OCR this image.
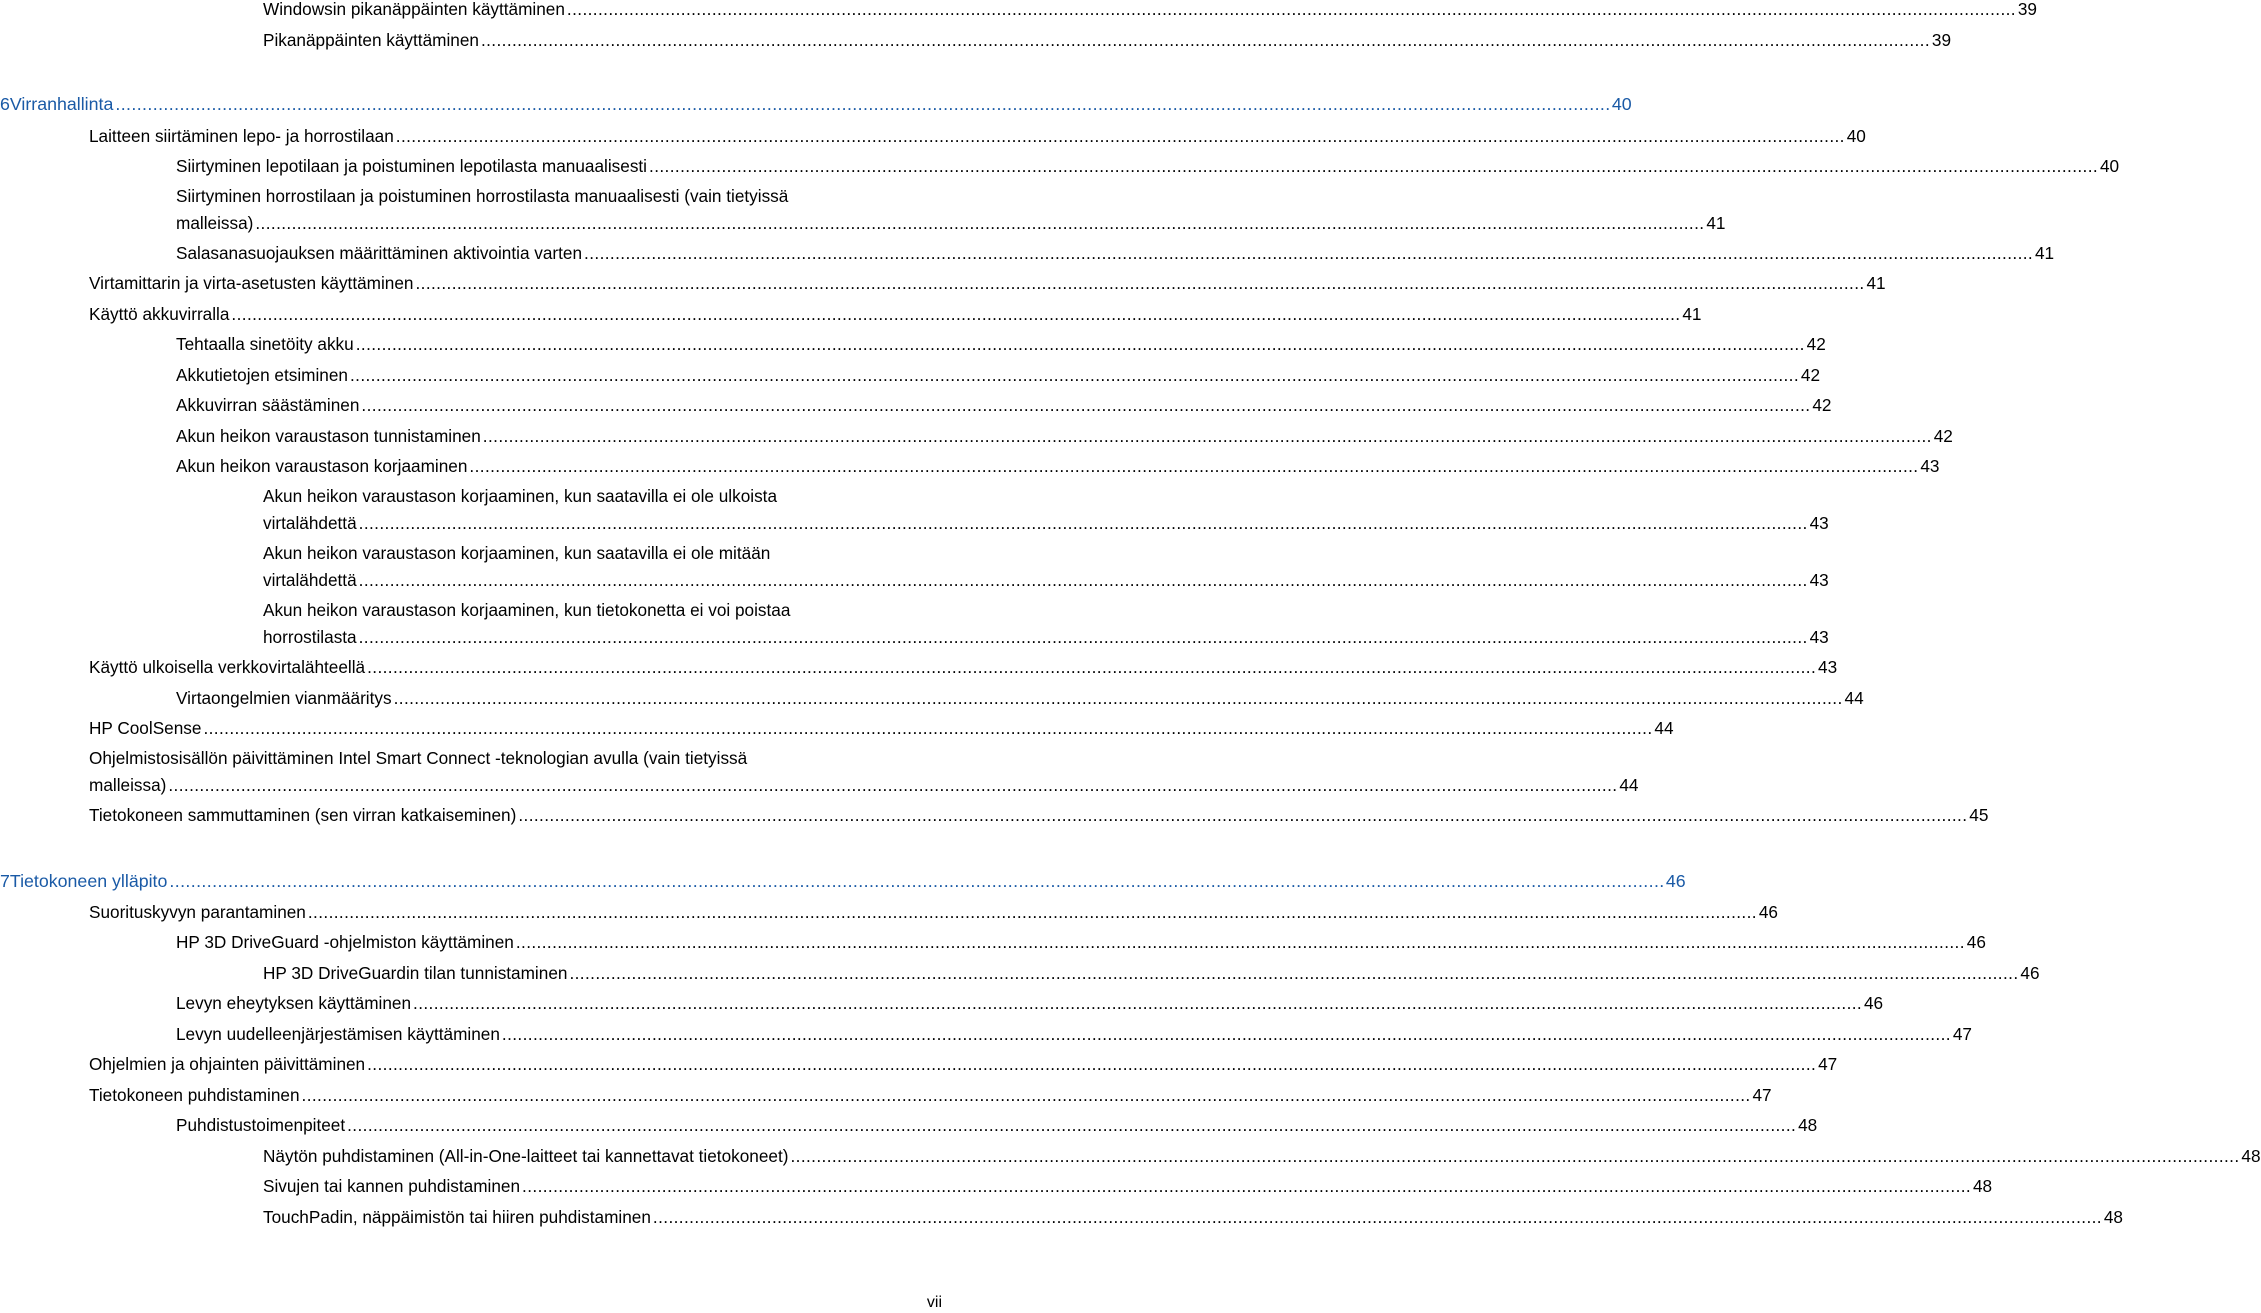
Windowsin pikanäppäinten käyttäminen ........................................................................................................................................................................................................................................................................................ 39
Pikanäppäinten käyttäminen ........................................................................................................................................................................................................................................................................................ 39
6 Virranhallinta ........................................................................................................................................................................................................................................................................................ 40
Laitteen siirtäminen lepo- ja horrostilaan ........................................................................................................................................................................................................................................................................................ 40
Siirtyminen lepotilaan ja poistuminen lepotilasta manuaalisesti ........................................................................................................................................................................................................................................................................................ 40
Siirtyminen horrostilaan ja poistuminen horrostilasta manuaalisesti (vain tietyissä
malleissa) ........................................................................................................................................................................................................................................................................................ 41
Salasanasuojauksen määrittäminen aktivointia varten ........................................................................................................................................................................................................................................................................................ 41
Virtamittarin ja virta-asetusten käyttäminen ........................................................................................................................................................................................................................................................................................ 41
Käyttö akkuvirralla ........................................................................................................................................................................................................................................................................................ 41
Tehtaalla sinetöity akku ........................................................................................................................................................................................................................................................................................ 42
Akkutietojen etsiminen ........................................................................................................................................................................................................................................................................................ 42
Akkuvirran säästäminen ........................................................................................................................................................................................................................................................................................ 42
Akun heikon varaustason tunnistaminen ........................................................................................................................................................................................................................................................................................ 42
Akun heikon varaustason korjaaminen ........................................................................................................................................................................................................................................................................................ 43
Akun heikon varaustason korjaaminen, kun saatavilla ei ole ulkoista
virtalähdettä ........................................................................................................................................................................................................................................................................................ 43
Akun heikon varaustason korjaaminen, kun saatavilla ei ole mitään
virtalähdettä ........................................................................................................................................................................................................................................................................................ 43
Akun heikon varaustason korjaaminen, kun tietokonetta ei voi poistaa
horrostilasta ........................................................................................................................................................................................................................................................................................ 43
Käyttö ulkoisella verkkovirtalähteellä ........................................................................................................................................................................................................................................................................................ 43
Virtaongelmien vianmääritys ........................................................................................................................................................................................................................................................................................ 44
HP CoolSense ........................................................................................................................................................................................................................................................................................ 44
Ohjelmistosisällön päivittäminen Intel Smart Connect -teknologian avulla (vain tietyissä
malleissa) ........................................................................................................................................................................................................................................................................................ 44
Tietokoneen sammuttaminen (sen virran katkaiseminen) ........................................................................................................................................................................................................................................................................................ 45
7 Tietokoneen ylläpito ........................................................................................................................................................................................................................................................................................ 46
Suorituskyvyn parantaminen ........................................................................................................................................................................................................................................................................................ 46
HP 3D DriveGuard -ohjelmiston käyttäminen ........................................................................................................................................................................................................................................................................................ 46
HP 3D DriveGuardin tilan tunnistaminen ........................................................................................................................................................................................................................................................................................ 46
Levyn eheytyksen käyttäminen ........................................................................................................................................................................................................................................................................................ 46
Levyn uudelleenjärjestämisen käyttäminen ........................................................................................................................................................................................................................................................................................ 47
Ohjelmien ja ohjainten päivittäminen ........................................................................................................................................................................................................................................................................................ 47
Tietokoneen puhdistaminen ........................................................................................................................................................................................................................................................................................ 47
Puhdistustoimenpiteet ........................................................................................................................................................................................................................................................................................ 48
Näytön puhdistaminen (All-in-One-laitteet tai kannettavat tietokoneet) ........................................................................................................................................................................................................................................................................................ 48
Sivujen tai kannen puhdistaminen ........................................................................................................................................................................................................................................................................................ 48
TouchPadin, näppäimistön tai hiiren puhdistaminen ........................................................................................................................................................................................................................................................................................ 48
vii
